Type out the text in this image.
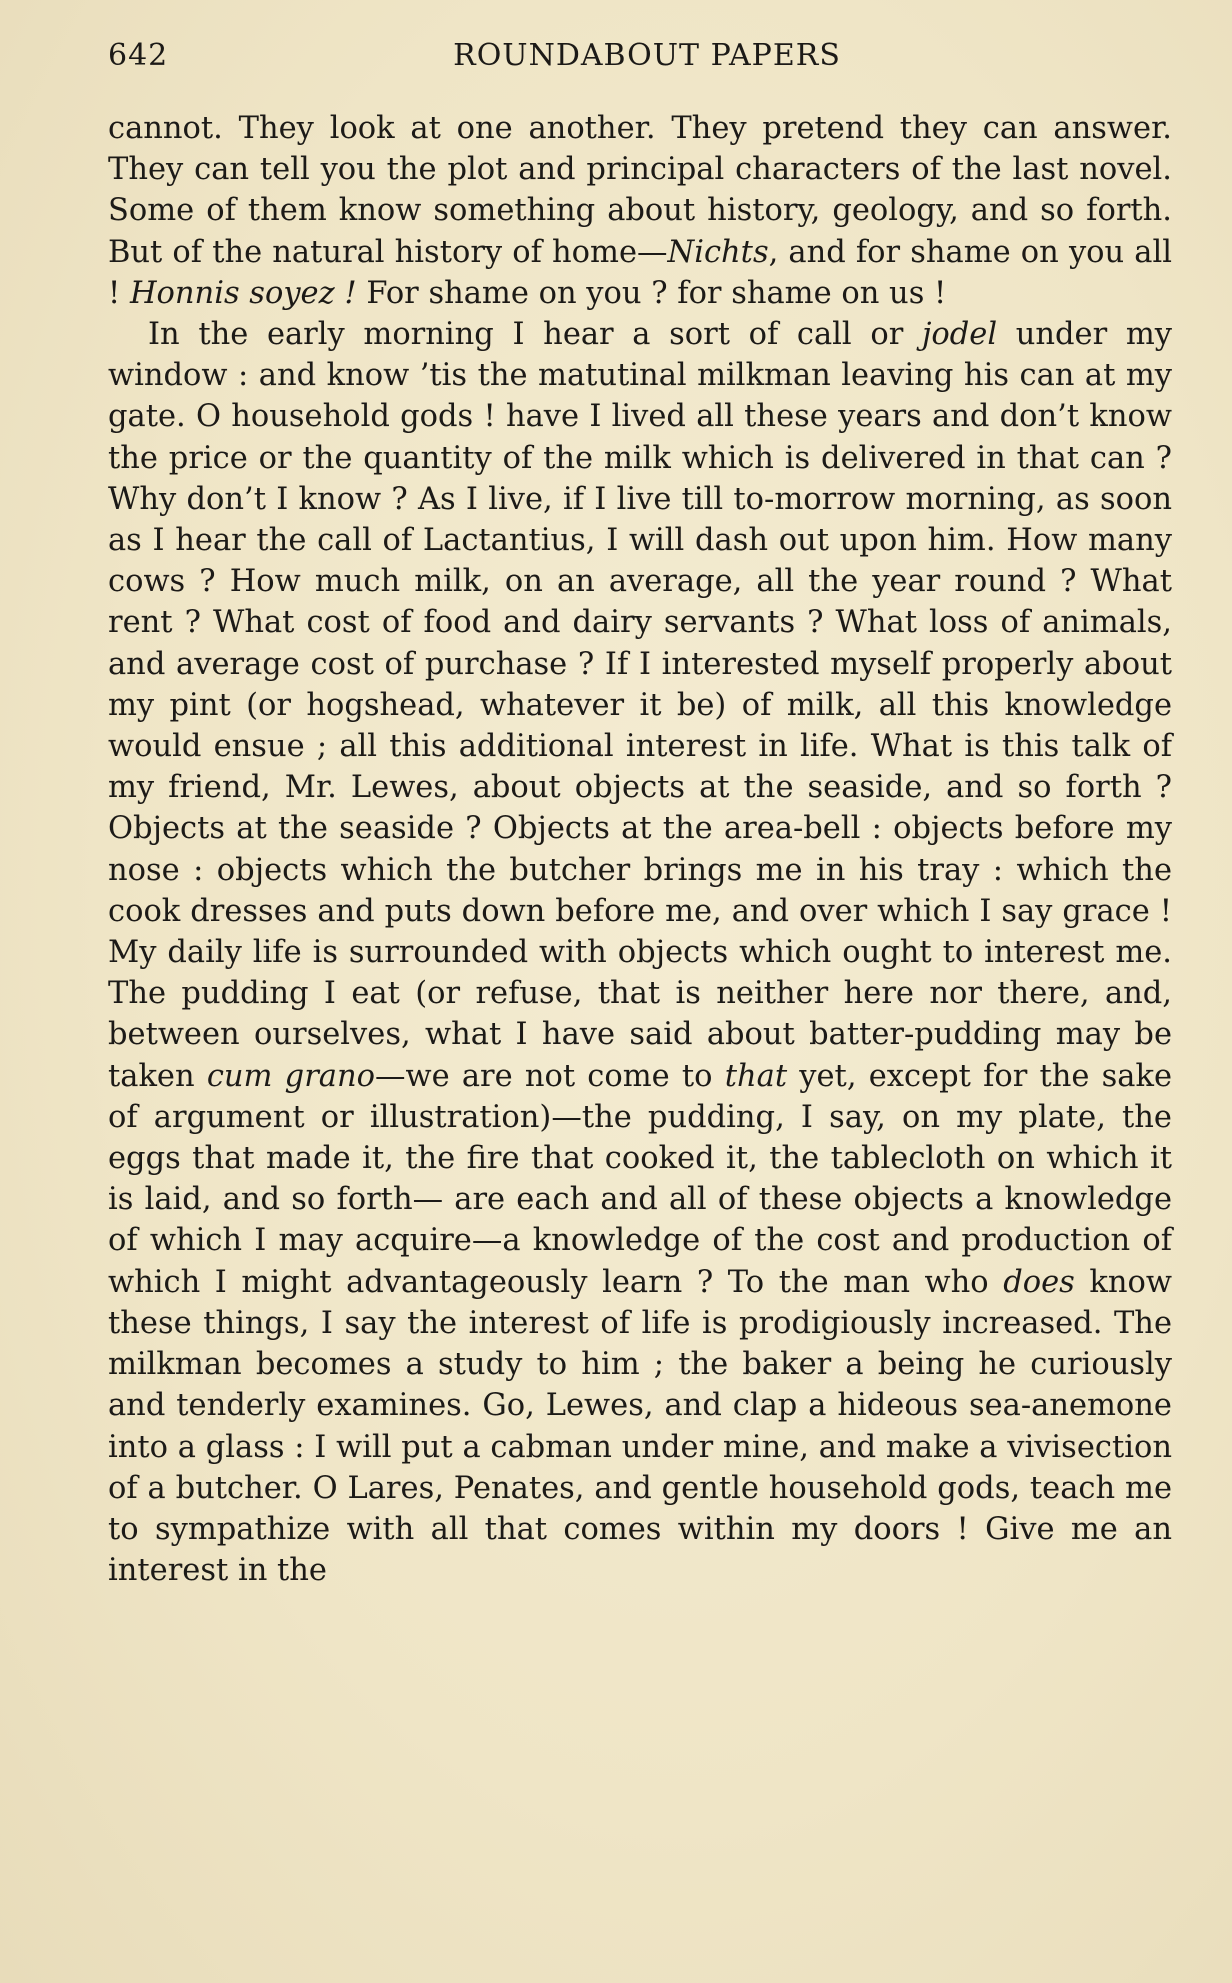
642	ROUNDABOUT PAPERS

cannot. They look at one another. They pretend they can answer. They can tell you the plot and principal characters of the last novel. Some of them know something about history, geology, and so forth. But of the natural history of home—Nichts, and for shame on you all ! Honnis soyez ! For shame on you ? for shame on us !

In the early morning I hear a sort of call or jodel under my window : and know ’tis the matutinal milkman leaving his can at my gate. O household gods ! have I lived all these years and don’t know the price or the quantity of the milk which is delivered in that can ? Why don’t I know ? As I live, if I live till to-morrow morning, as soon as I hear the call of Lactantius, I will dash out upon him. How many cows ? How much milk, on an average, all the year round ? What rent ? What cost of food and dairy servants ? What loss of animals, and average cost of purchase ? If I interested myself properly about my pint (or hogshead, whatever it be) of milk, all this knowledge would ensue ; all this additional interest in life. What is this talk of my friend, Mr. Lewes, about objects at the seaside, and so forth ? Objects at the seaside ? Objects at the area-bell : objects before my nose : objects which the butcher brings me in his tray : which the cook dresses and puts down before me, and over which I say grace ! My daily life is surrounded with objects which ought to interest me. The pudding I eat (or refuse, that is neither here nor there, and, between ourselves, what I have said about batter-pudding may be taken cum grano—we are not come to that yet, except for the sake of argument or illustration)—the pudding, I say, on my plate, the eggs that made it, the fire that cooked it, the tablecloth on which it is laid, and so forth— are each and all of these objects a knowledge of which I may acquire—a knowledge of the cost and production of which I might advantageously learn ? To the man who does know these things, I say the interest of life is prodigiously increased. The milkman becomes a study to him ; the baker a being he curiously and tenderly examines. Go, Lewes, and clap a hideous sea-anemone into a glass : I will put a cabman under mine, and make a vivisection of a butcher. O Lares, Penates, and gentle household gods, teach me to sympathize with all that comes within my doors ! Give me an interest in the
